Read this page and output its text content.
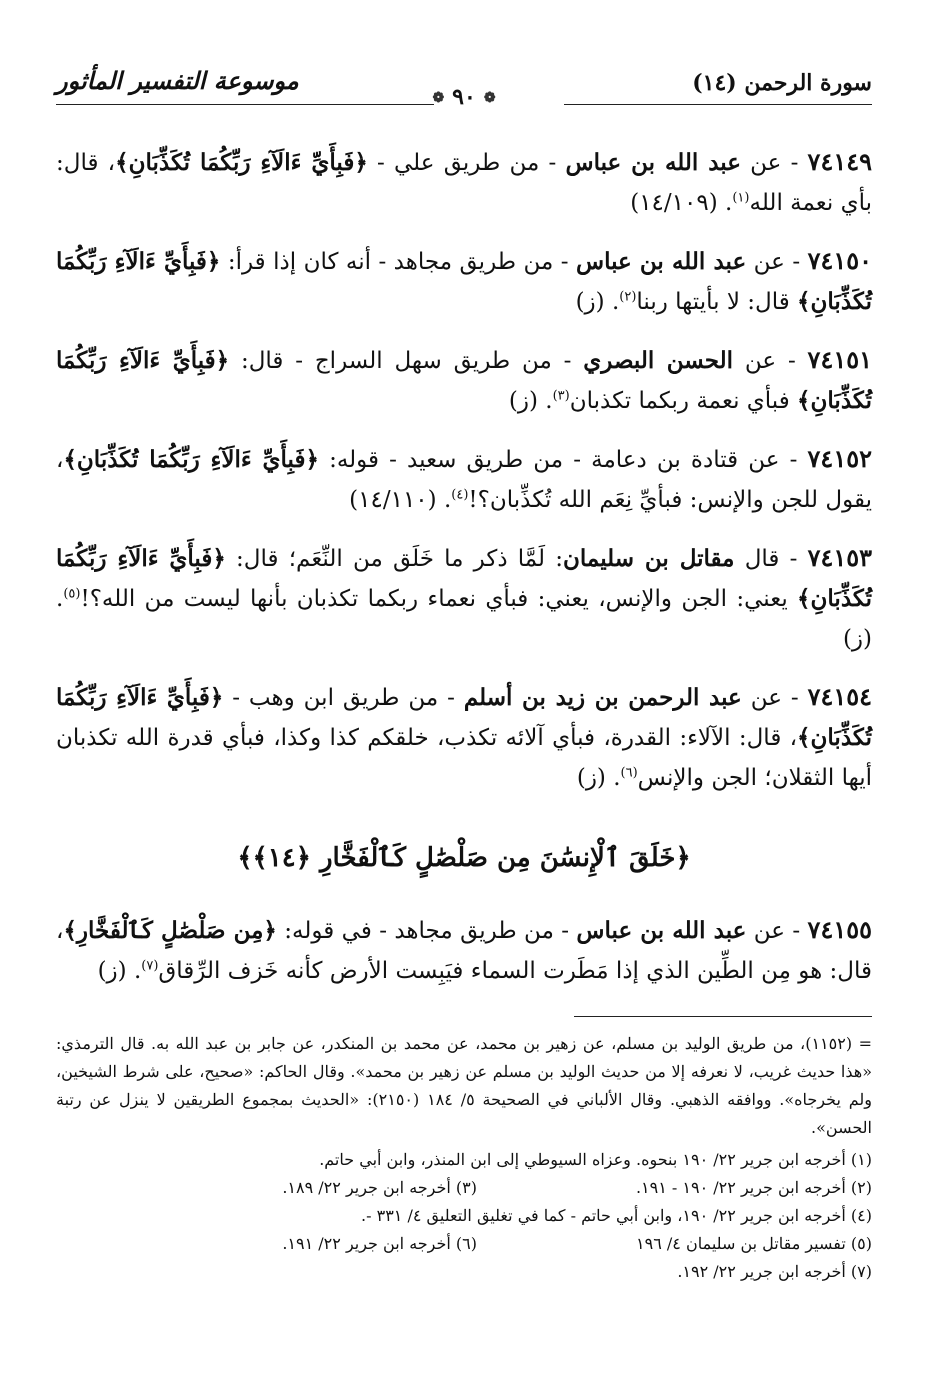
سورة الرحمن (١٤)
موسوعة التفسير المأثور
❁٩٠❁

٧٤١٤٩ - عن عبد الله بن عباس - من طريق علي - ﴿فَبِأَيِّ ءَالَآءِ رَبِّكُمَا تُكَذِّبَانِ﴾، قال: بأي نعمة الله$^{(١)}$. (١٤/١٠٩)

٧٤١٥٠ - عن عبد الله بن عباس - من طريق مجاهد - أنه كان إذا قرأ: ﴿فَبِأَيِّ ءَالَآءِ رَبِّكُمَا تُكَذِّبَانِ﴾ قال: لا بأيتها ربنا$^{(٢)}$. (ز)

٧٤١٥١ - عن الحسن البصري - من طريق سهل السراج - قال: ﴿فَبِأَيِّ ءَالَآءِ رَبِّكُمَا تُكَذِّبَانِ﴾ فبأي نعمة ربكما تكذبان$^{(٣)}$. (ز)

٧٤١٥٢ - عن قتادة بن دعامة - من طريق سعيد - قوله: ﴿فَبِأَيِّ ءَالَآءِ رَبِّكُمَا تُكَذِّبَانِ﴾، يقول للجن والإنس: فبأيِّ نِعَم الله تُكذِّبان؟!$^{(٤)}$. (١٤/١١٠)

٧٤١٥٣ - قال مقاتل بن سليمان: لَمَّا ذكر ما خَلَق من النِّعَم؛ قال: ﴿فَبِأَيِّ ءَالَآءِ رَبِّكُمَا تُكَذِّبَانِ﴾ يعني: الجن والإنس، يعني: فبأي نعماء ربكما تكذبان بأنها ليست من الله؟!$^{(٥)}$. (ز)

٧٤١٥٤ - عن عبد الرحمن بن زيد بن أسلم - من طريق ابن وهب - ﴿فَبِأَيِّ ءَالَآءِ رَبِّكُمَا تُكَذِّبَانِ﴾، قال: الآلاء: القدرة، فبأي آلائه تكذب، خلقكم كذا وكذا، فبأي قدرة الله تكذبان أيها الثقلان؛ الجن والإنس$^{(٦)}$. (ز)

﴿خَلَقَ ٱلْإِنسَٰنَ مِن صَلْصَٰلٍ كَٱلْفَخَّارِ ﴿١٤﴾﴾

٧٤١٥٥ - عن عبد الله بن عباس - من طريق مجاهد - في قوله: ﴿مِن صَلْصَٰلٍ كَٱلْفَخَّارِ﴾، قال: هو مِن الطِّين الذي إذا مَطَرت السماء فيَبِست الأرض كأنه خَزف الرِّقاق$^{(٧)}$. (ز)

= (١١٥٢)، من طريق الوليد بن مسلم، عن زهير بن محمد، عن محمد بن المنكدر، عن جابر بن عبد الله به. قال الترمذي: «هذا حديث غريب، لا نعرفه إلا من حديث الوليد بن مسلم عن زهير بن محمد». وقال الحاكم: «صحيح، على شرط الشيخين، ولم يخرجاه». ووافقه الذهبي. وقال الألباني في الصحيحة ٥/ ١٨٤ (٢١٥٠): «الحديث بمجموع الطريقين لا ينزل عن رتبة الحسن».
(١) أخرجه ابن جرير ٢٢/ ١٩٠ بنحوه. وعزاه السيوطي إلى ابن المنذر، وابن أبي حاتم.
(٢) أخرجه ابن جرير ٢٢/ ١٩٠ - ١٩١.
(٣) أخرجه ابن جرير ٢٢/ ١٨٩.
(٤) أخرجه ابن جرير ٢٢/ ١٩٠، وابن أبي حاتم - كما في تغليق التعليق ٤/ ٣٣١ -.
(٥) تفسير مقاتل بن سليمان ٤/ ١٩٦
(٦) أخرجه ابن جرير ٢٢/ ١٩١.
(٧) أخرجه ابن جرير ٢٢/ ١٩٢.
